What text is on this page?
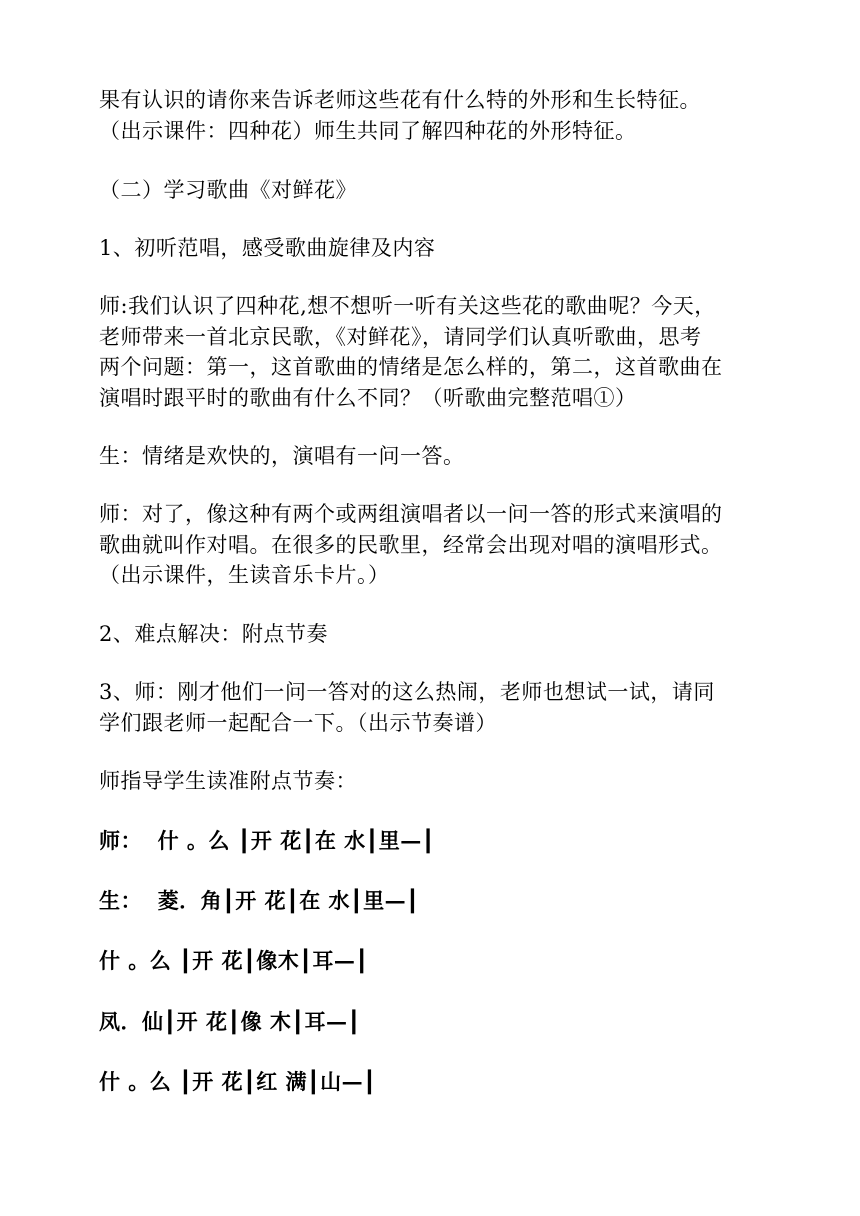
果有认识的请你来告诉老师这些花有什么特的外形和生长特征。
（出示课件：四种花）师生共同了解四种花的外形特征。
（二）学习歌曲《对鲜花》
1、初听范唱，感受歌曲旋律及内容
师:我们认识了四种花,想不想听一听有关这些花的歌曲呢？今天，
老师带来一首北京民歌，《对鲜花》，请同学们认真听歌曲，思考
两个问题：第一，这首歌曲的情绪是怎么样的，第二，这首歌曲在
演唱时跟平时的歌曲有什么不同？（听歌曲完整范唱①）
生：情绪是欢快的，演唱有一问一答。
师：对了，像这种有两个或两组演唱者以一问一答的形式来演唱的
歌曲就叫作对唱。在很多的民歌里，经常会出现对唱的演唱形式。
（出示课件，生读音乐卡片。）
2、难点解决：附点节奏
3、师：刚才他们一问一答对的这么热闹，老师也想试一试，请同
学们跟老师一起配合一下。（出示节奏谱）
师指导学生读准附点节奏：
师：  什 。么 ┃开 花┃在 水┃里—┃
生：  菱．角┃开 花┃在 水┃里—┃
什 。么 ┃开 花┃像木┃耳—┃
凤．仙┃开 花┃像 木┃耳—┃
什 。么 ┃开 花┃红 满┃山—┃
